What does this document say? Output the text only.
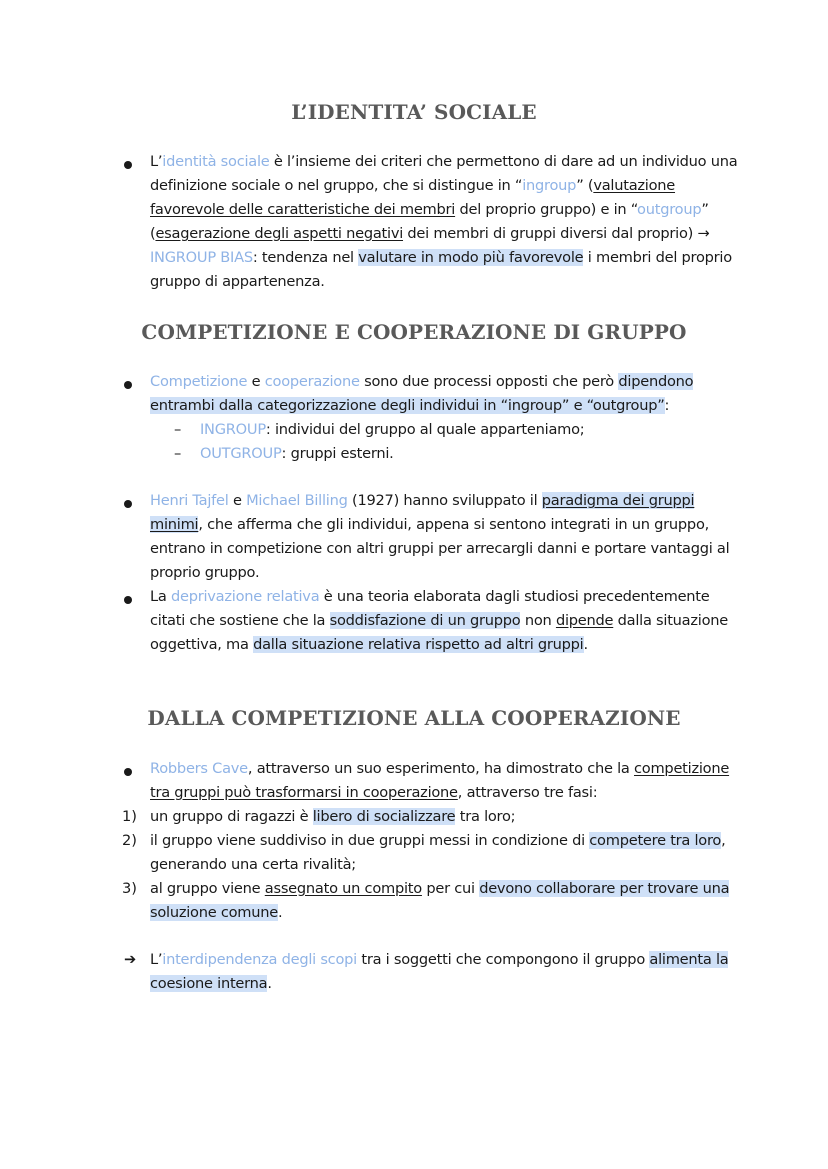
L’IDENTITA’ SOCIALE

L’identità sociale è l’insieme dei criteri che permettono di dare ad un individuo una definizione sociale o nel gruppo, che si distingue in “ingroup” (valutazione favorevole delle caratteristiche dei membri del proprio gruppo) e in “outgroup” (esagerazione degli aspetti negativi dei membri di gruppi diversi dal proprio) → INGROUP BIAS: tendenza nel valutare in modo più favorevole i membri del proprio gruppo di appartenenza.

COMPETIZIONE E COOPERAZIONE DI GRUPPO

Competizione e cooperazione sono due processi opposti che però dipendono entrambi dalla categorizzazione degli individui in “ingroup” e “outgroup”:

– INGROUP: individui del gruppo al quale apparteniamo;

– OUTGROUP: gruppi esterni.

Henri Tajfel e Michael Billing (1927) hanno sviluppato il paradigma dei gruppi minimi, che afferma che gli individui, appena si sentono integrati in un gruppo, entrano in competizione con altri gruppi per arrecargli danni e portare vantaggi al proprio gruppo.

La deprivazione relativa è una teoria elaborata dagli studiosi precedentemente citati che sostiene che la soddisfazione di un gruppo non dipende dalla situazione oggettiva, ma dalla situazione relativa rispetto ad altri gruppi.

DALLA COMPETIZIONE ALLA COOPERAZIONE

Robbers Cave, attraverso un suo esperimento, ha dimostrato che la competizione tra gruppi può trasformarsi in cooperazione, attraverso tre fasi:

1) un gruppo di ragazzi è libero di socializzare tra loro;

2) il gruppo viene suddiviso in due gruppi messi in condizione di competere tra loro, generando una certa rivalità;

3) al gruppo viene assegnato un compito per cui devono collaborare per trovare una soluzione comune.

➔ L’interdipendenza degli scopi tra i soggetti che compongono il gruppo alimenta la coesione interna.
